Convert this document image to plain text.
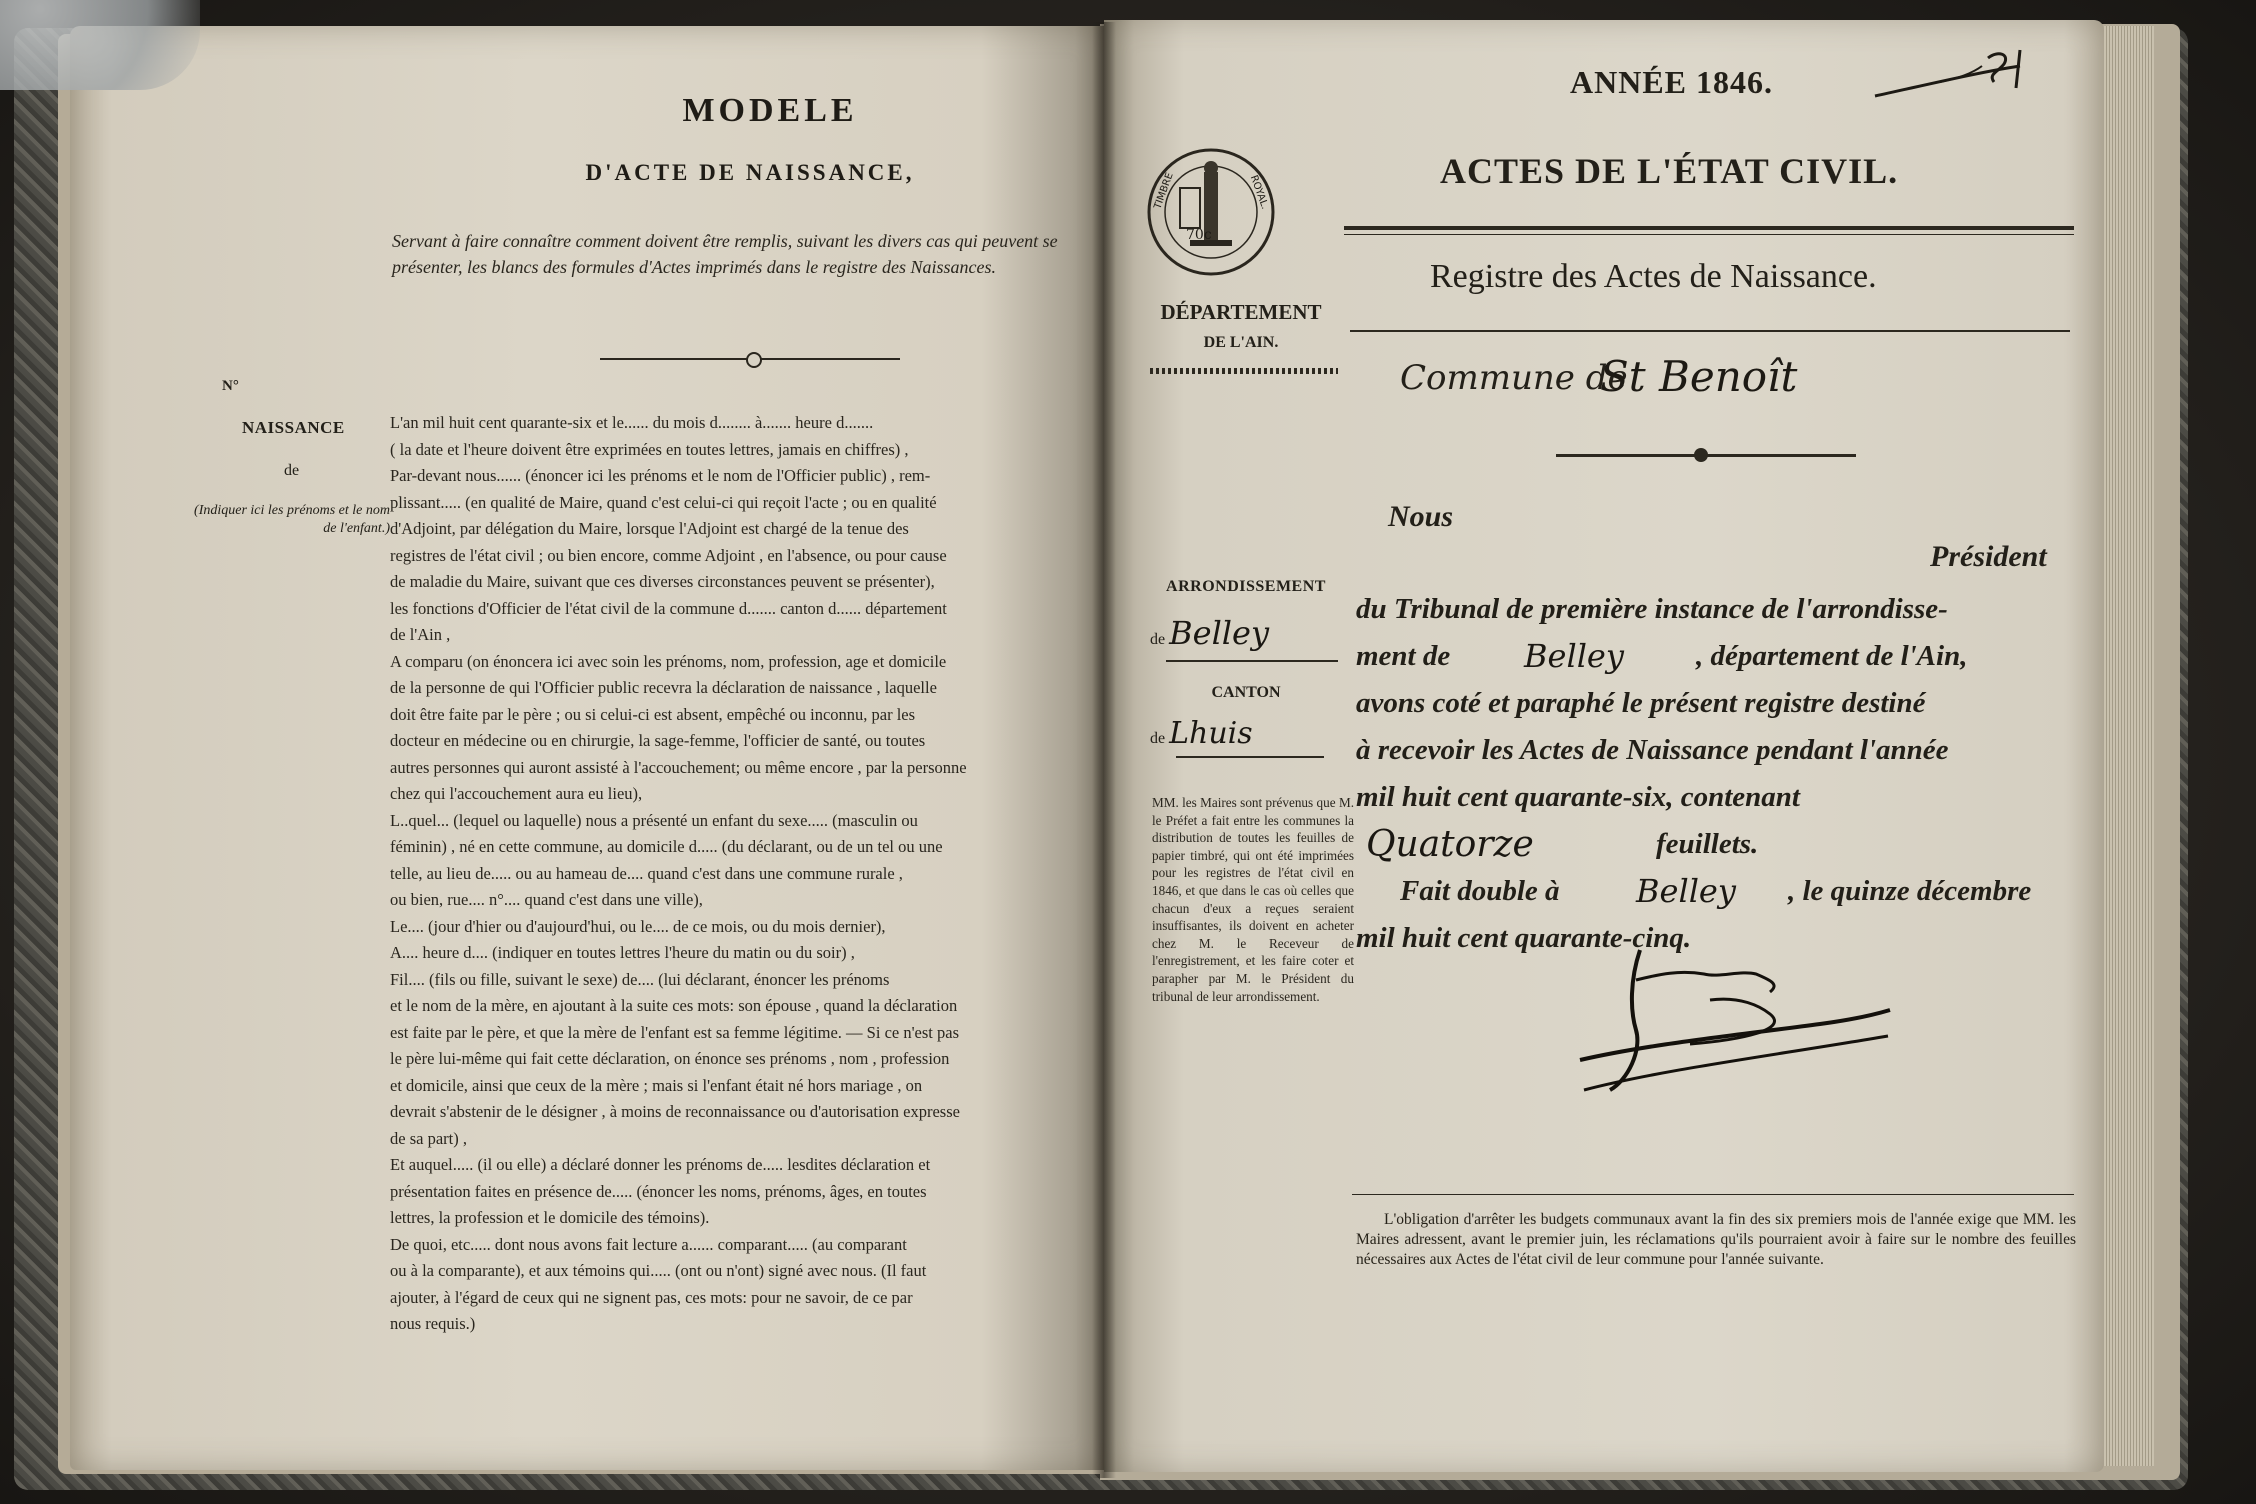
MODELE
D'ACTE DE NAISSANCE,

Servant à faire connaître comment doivent être remplis, suivant les divers cas qui peuvent se présenter, les blancs des formules d'Actes imprimés dans le registre des Naissances.

N°
NAISSANCE
de
(Indiquer ici les prénoms et le nom de l'enfant.)
L'an mil huit cent quarante-six et le...... du mois d........ à....... heure d.......
( la date et l'heure doivent être exprimées en toutes lettres, jamais en chiffres) ,
Par-devant nous...... (énoncer ici les prénoms et le nom de l'Officier public) , rem-
plissant..... (en qualité de Maire, quand c'est celui-ci qui reçoit l'acte ; ou en qualité
d'Adjoint, par délégation du Maire, lorsque l'Adjoint est chargé de la tenue des
registres de l'état civil ; ou bien encore, comme Adjoint , en l'absence, ou pour cause
de maladie du Maire, suivant que ces diverses circonstances peuvent se présenter),
les fonctions d'Officier de l'état civil de la commune d....... canton d...... département
de l'Ain ,
A comparu (on énoncera ici avec soin les prénoms, nom, profession, age et domicile
de la personne de qui l'Officier public recevra la déclaration de naissance , laquelle
doit être faite par le père ; ou si celui-ci est absent, empêché ou inconnu, par les
docteur en médecine ou en chirurgie, la sage-femme, l'officier de santé, ou toutes
autres personnes qui auront assisté à l'accouchement; ou même encore , par la personne
chez qui l'accouchement aura eu lieu),
L..quel... (lequel ou laquelle) nous a présenté un enfant du sexe..... (masculin ou
féminin) , né en cette commune, au domicile d..... (du déclarant, ou de un tel ou une
telle, au lieu de..... ou au hameau de.... quand c'est dans une commune rurale ,
ou bien, rue.... n°.... quand c'est dans une ville),
Le.... (jour d'hier ou d'aujourd'hui, ou le.... de ce mois, ou du mois dernier),
A.... heure d.... (indiquer en toutes lettres l'heure du matin ou du soir) ,
Fil.... (fils ou fille, suivant le sexe) de.... (lui déclarant, énoncer les prénoms
et le nom de la mère, en ajoutant à la suite ces mots: son épouse , quand la déclaration
est faite par le père, et que la mère de l'enfant est sa femme légitime. — Si ce n'est pas
le père lui-même qui fait cette déclaration, on énonce ses prénoms , nom , profession
et domicile, ainsi que ceux de la mère ; mais si l'enfant était né hors mariage , on
devrait s'abstenir de le désigner , à moins de reconnaissance ou d'autorisation expresse
de sa part) ,
Et auquel..... (il ou elle) a déclaré donner les prénoms de..... lesdites déclaration et
présentation faites en présence de..... (énoncer les noms, prénoms, âges, en toutes
lettres, la profession et le domicile des témoins).
De quoi, etc..... dont nous avons fait lecture a...... comparant..... (au comparant
ou à la comparante), et aux témoins qui..... (ont ou n'ont) signé avec nous. (Il faut
ajouter, à l'égard de ceux qui ne signent pas, ces mots: pour ne savoir, de ce par
nous requis.)
ANNÉE 1846.
ACTES DE L'ÉTAT CIVIL.
Registre des Actes de Naissance.
Commune de
St Benoît
70c
TIMBRE	ROYAL.
DÉPARTEMENT
DE L'AIN.
Nous
Président
ARRONDISSEMENT
de Belley
CANTON
de Lhuis
MM. les Maires sont prévenus que M. le Préfet a fait entre les communes la distribution de toutes les feuilles de papier timbré, qui ont été imprimées pour les registres de l'état civil en 1846, et que dans le cas où celles que chacun d'eux a reçues seraient insuffisantes, ils doivent en acheter chez M. le Receveur de l'enregistrement, et les faire coter et parapher par M. le Président du tribunal de leur arrondissement.
du Tribunal de première instance de l'arrondisse-
ment de Belley , département de l'Ain,
avons coté et paraphé le présent registre destiné
à recevoir les Actes de Naissance pendant l'année
mil huit cent quarante-six, contenant
Quatorze	feuillets.
Fait double à Belley , le quinze décembre
mil huit cent quarante-cinq.
L'obligation d'arrêter les budgets communaux avant la fin des six premiers mois de l'année exige que MM. les Maires adressent, avant le premier juin, les réclamations qu'ils pourraient avoir à faire sur le nombre des feuilles nécessaires aux Actes de l'état civil de leur commune pour l'année suivante.
